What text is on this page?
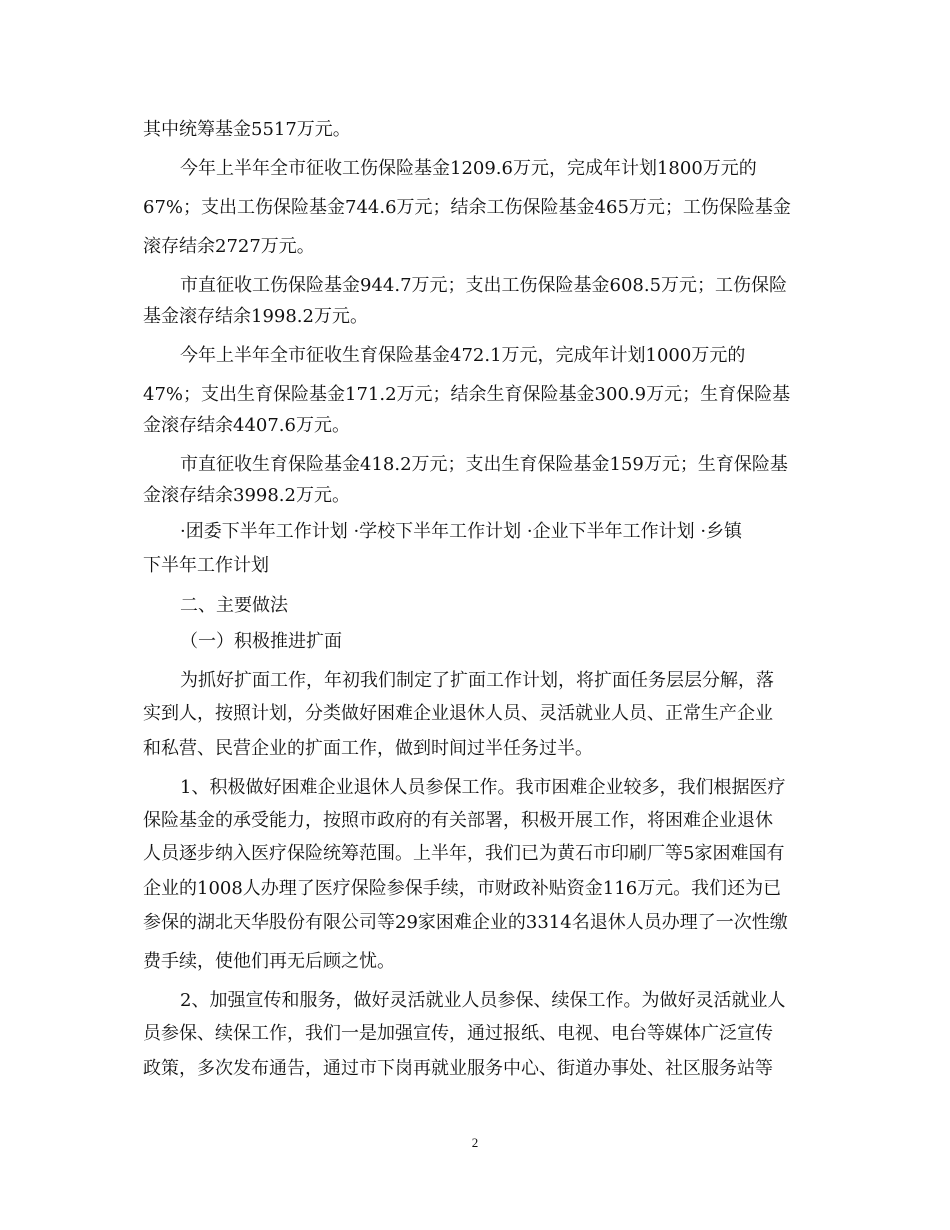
其中统筹基金5517万元。
今年上半年全市征收工伤保险基金1209.6万元，完成年计划1800万元的
67%；支出工伤保险基金744.6万元；结余工伤保险基金465万元；工伤保险基金
滚存结余2727万元。
市直征收工伤保险基金944.7万元；支出工伤保险基金608.5万元；工伤保险
基金滚存结余1998.2万元。
今年上半年全市征收生育保险基金472.1万元，完成年计划1000万元的
47%；支出生育保险基金171.2万元；结余生育保险基金300.9万元；生育保险基
金滚存结余4407.6万元。
市直征收生育保险基金418.2万元；支出生育保险基金159万元；生育保险基
金滚存结余3998.2万元。
·团委下半年工作计划 ·学校下半年工作计划 ·企业下半年工作计划 ·乡镇
下半年工作计划
二、主要做法
（一）积极推进扩面
为抓好扩面工作，年初我们制定了扩面工作计划，将扩面任务层层分解，落
实到人，按照计划，分类做好困难企业退休人员、灵活就业人员、正常生产企业
和私营、民营企业的扩面工作，做到时间过半任务过半。
1、积极做好困难企业退休人员参保工作。我市困难企业较多，我们根据医疗
保险基金的承受能力，按照市政府的有关部署，积极开展工作，将困难企业退休
人员逐步纳入医疗保险统筹范围。上半年，我们已为黄石市印刷厂等5家困难国有
企业的1008人办理了医疗保险参保手续，市财政补贴资金116万元。我们还为已
参保的湖北天华股份有限公司等29家困难企业的3314名退休人员办理了一次性缴
费手续，使他们再无后顾之忧。
2、加强宣传和服务，做好灵活就业人员参保、续保工作。为做好灵活就业人
员参保、续保工作，我们一是加强宣传，通过报纸、电视、电台等媒体广泛宣传
政策，多次发布通告，通过市下岗再就业服务中心、街道办事处、社区服务站等
2
